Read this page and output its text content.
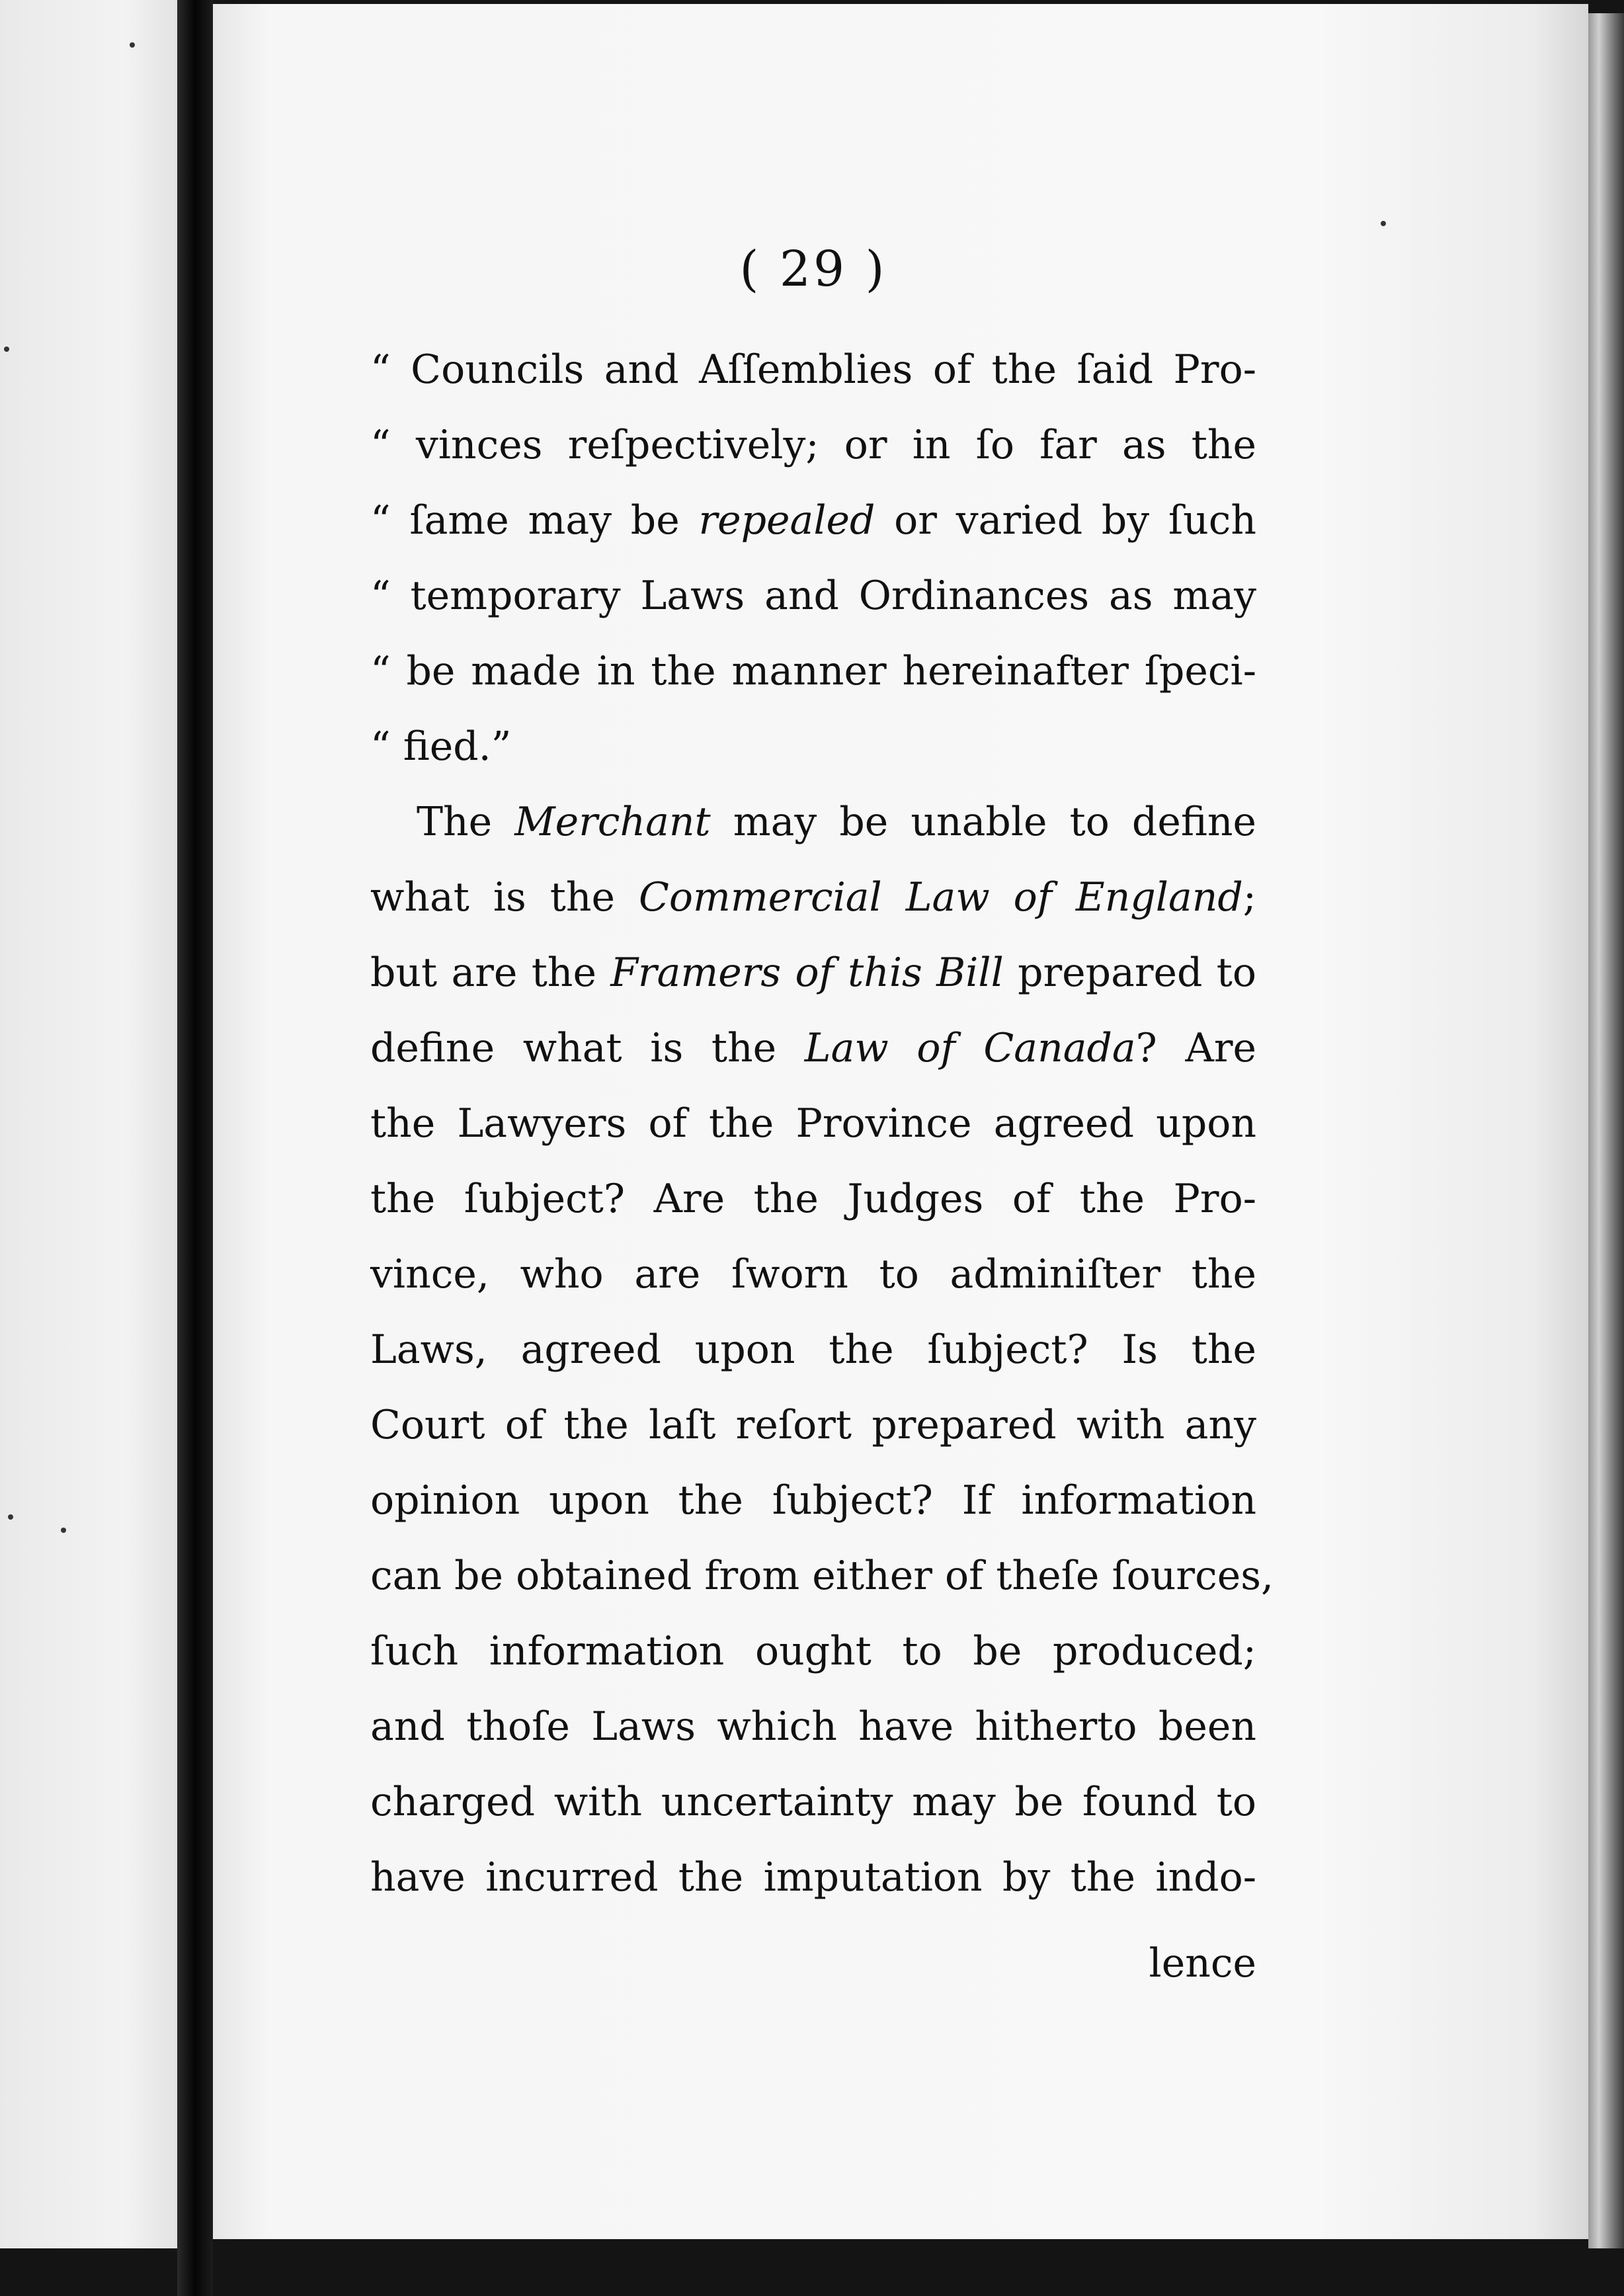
( 29 )
“ Councils and Aſſemblies of the ſaid Pro-
“ vinces reſpectively; or in ſo far as the
“ ſame may be repealed or varied by ſuch
“ temporary Laws and Ordinances as may
“ be made in the manner hereinafter ſpeci-
“ fied.”
The Merchant may be unable to define
what is the Commercial Law of England;
but are the Framers of this Bill prepared to
define what is the Law of Canada? Are
the Lawyers of the Province agreed upon
the ſubject? Are the Judges of the Pro-
vince, who are ſworn to adminiſter the
Laws, agreed upon the ſubject? Is the
Court of the laſt reſort prepared with any
opinion upon the ſubject? If information
can be obtained from either of theſe ſources,
ſuch information ought to be produced;
and thoſe Laws which have hitherto been
charged with uncertainty may be found to
have incurred the imputation by the indo-
lence
